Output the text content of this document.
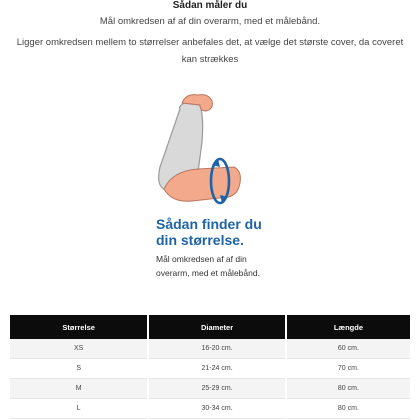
Sådan måler du
Mål omkredsen af af din overarm, med et målebånd.
Ligger omkredsen mellem to størrelser anbefales det, at vælge det største cover, da coveret kan strækkes
Sådan finder du din størrelse.
Mål omkredsen af af din overarm, med et målebånd.
Størrelse	Diameter	Længde
XS	16-20 cm.	60 cm.
S	21-24 cm.	70 cm.
M	25-29 cm.	80 cm.
L	30-34 cm.	80 cm.
